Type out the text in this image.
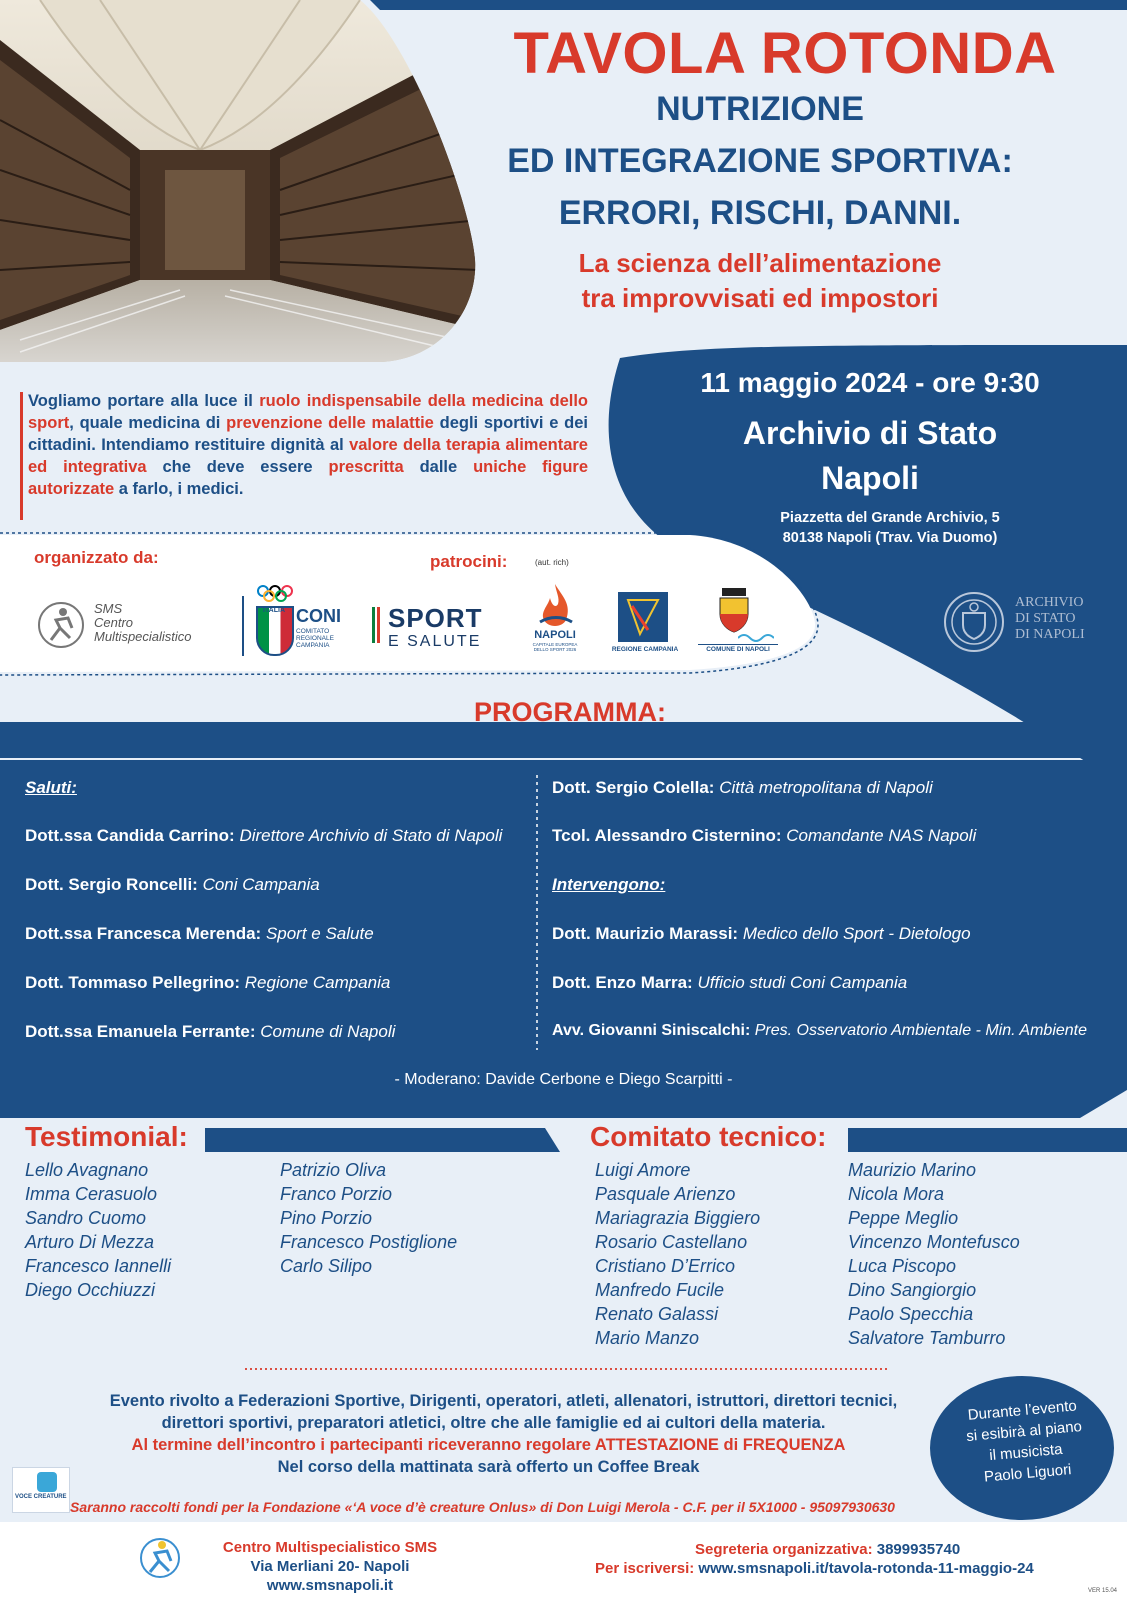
TAVOLA ROTONDA
NUTRIZIONE
ED INTEGRAZIONE SPORTIVA:
ERRORI, RISCHI, DANNI.
La scienza dell’alimentazione
tra improvvisati ed impostori
Vogliamo portare alla luce il ruolo indispensabile della medicina dello sport, quale medicina di prevenzione delle malattie degli sportivi e dei cittadini. Intendiamo restituire dignità al valore della terapia alimentare ed integrativa che deve essere prescritta dalle uniche figure autorizzate a farlo, i medici.
11 maggio 2024 - ore 9:30
Archivio di Stato
Napoli
Piazzetta del Grande Archivio, 5
80138 Napoli (Trav. Via Duomo)
organizzato da:	patrocini:	(aut. rich)
SMS
Centro
Multispecialistico
ITALIA CONI
COMITATO
REGIONALE
CAMPANIA
SPORT
E SALUTE	NAPOLI
CAPITALE EUROPEA
DELLO SPORT 2026	REGIONE CAMPANIA	COMUNE DI NAPOLI
ARCHIVIO
DI STATO
DI NAPOLI
PROGRAMMA:
Saluti:
Dott.ssa Candida Carrino: Direttore Archivio di Stato di Napoli
Dott. Sergio Roncelli: Coni Campania
Dott.ssa Francesca Merenda: Sport e Salute
Dott. Tommaso Pellegrino: Regione Campania
Dott.ssa Emanuela Ferrante: Comune di Napoli
Dott. Sergio Colella: Città metropolitana di Napoli
Tcol. Alessandro Cisternino: Comandante NAS Napoli
Intervengono:
Dott. Maurizio Marassi: Medico dello Sport - Dietologo
Dott. Enzo Marra: Ufficio studi Coni Campania
Avv. Giovanni Siniscalchi: Pres. Osservatorio Ambientale - Min. Ambiente
- Moderano: Davide Cerbone e Diego Scarpitti -
Testimonial:
Lello Avagnano
Imma Cerasuolo
Sandro Cuomo
Arturo Di Mezza
Francesco Iannelli
Diego Occhiuzzi
Patrizio Oliva
Franco Porzio
Pino Porzio
Francesco Postiglione
Carlo Silipo
Comitato tecnico:
Luigi Amore
Pasquale Arienzo
Mariagrazia Biggiero
Rosario Castellano
Cristiano D’Errico
Manfredo Fucile
Renato Galassi
Mario Manzo
Maurizio Marino
Nicola Mora
Peppe Meglio
Vincenzo Montefusco
Luca Piscopo
Dino Sangiorgio
Paolo Specchia
Salvatore Tamburro
Evento rivolto a Federazioni Sportive, Dirigenti, operatori, atleti, allenatori, istruttori, direttori tecnici,
direttori sportivi, preparatori atletici, oltre che alle famiglie ed ai cultori della materia.
Al termine dell’incontro i partecipanti riceveranno regolare ATTESTAZIONE di FREQUENZA
Nel corso della mattinata sarà offerto un Coffee Break
VOCE CREATURE
Saranno raccolti fondi per la Fondazione «‘A voce d’è creature Onlus» di Don Luigi Merola - C.F. per il 5X1000 - 95097930630
Durante l’evento
si esibirà al piano
il musicista
Paolo Liguori
Centro Multispecialistico SMS
Via Merliani 20- Napoli
www.smsnapoli.it
Segreteria organizzativa: 3899935740
Per iscriversi: www.smsnapoli.it/tavola-rotonda-11-maggio-24
VER 15.04
